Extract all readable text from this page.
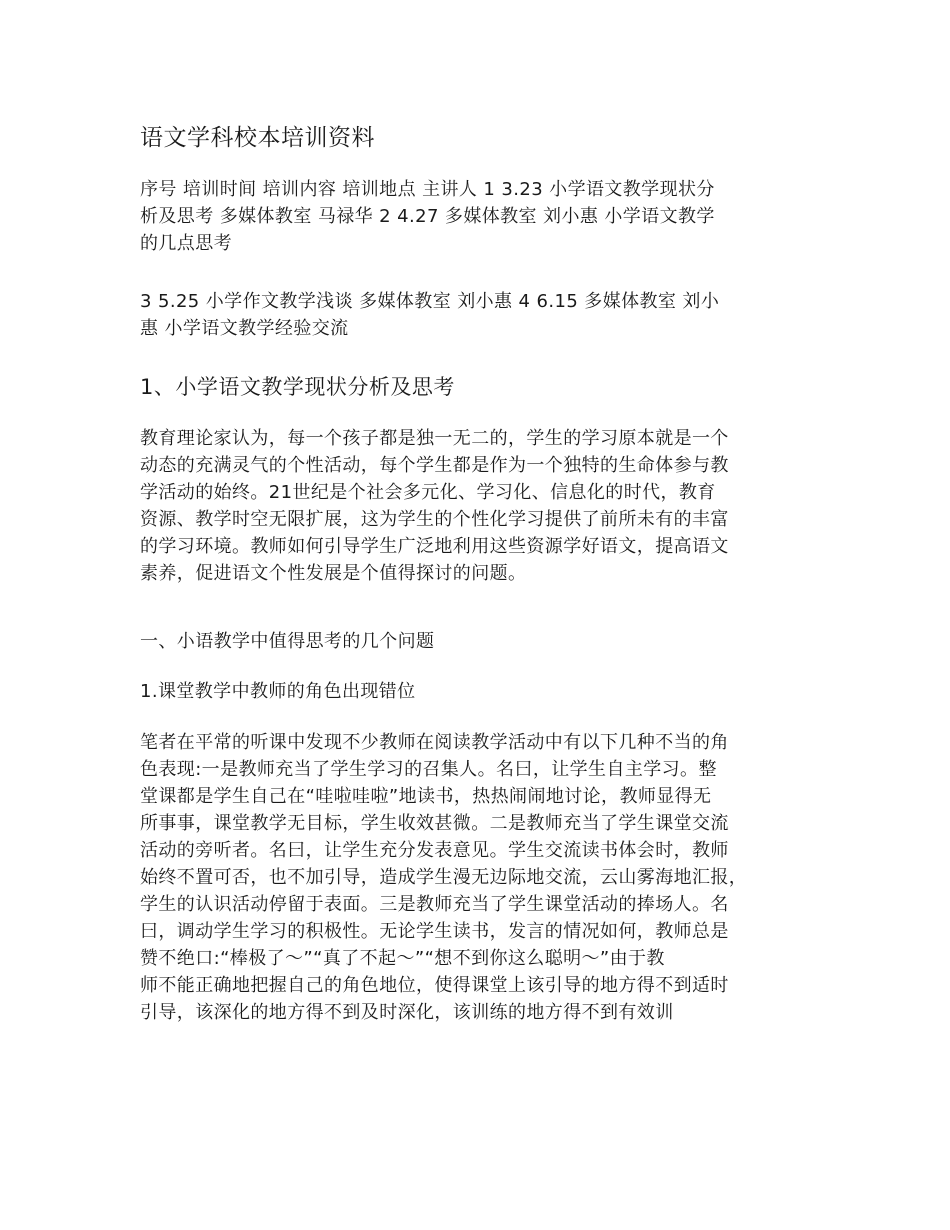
语文学科校本培训资料
序号 培训时间 培训内容 培训地点 主讲人 1 3.23 小学语文教学现状分
析及思考 多媒体教室 马禄华 2 4.27 多媒体教室 刘小惠 小学语文教学
的几点思考
3 5.25 小学作文教学浅谈 多媒体教室 刘小惠 4 6.15 多媒体教室 刘小
惠 小学语文教学经验交流
1、小学语文教学现状分析及思考
教育理论家认为，每一个孩子都是独一无二的，学生的学习原本就是一个
动态的充满灵气的个性活动，每个学生都是作为一个独特的生命体参与教
学活动的始终。21世纪是个社会多元化、学习化、信息化的时代，教育
资源、教学时空无限扩展，这为学生的个性化学习提供了前所未有的丰富
的学习环境。教师如何引导学生广泛地利用这些资源学好语文，提高语文
素养，促进语文个性发展是个值得探讨的问题。
一、小语教学中值得思考的几个问题
1.课堂教学中教师的角色出现错位
笔者在平常的听课中发现不少教师在阅读教学活动中有以下几种不当的角
色表现:一是教师充当了学生学习的召集人。名曰，让学生自主学习。整
堂课都是学生自己在“哇啦哇啦”地读书，热热闹闹地讨论，教师显得无
所事事，课堂教学无目标，学生收效甚微。二是教师充当了学生课堂交流
活动的旁听者。名曰，让学生充分发表意见。学生交流读书体会时，教师
始终不置可否，也不加引导，造成学生漫无边际地交流，云山雾海地汇报，
学生的认识活动停留于表面。三是教师充当了学生课堂活动的捧场人。名
曰，调动学生学习的积极性。无论学生读书，发言的情况如何，教师总是
赞不绝口:“棒极了～”“真了不起～”“想不到你这么聪明～”由于教
师不能正确地把握自己的角色地位，使得课堂上该引导的地方得不到适时
引导，该深化的地方得不到及时深化，该训练的地方得不到有效训
